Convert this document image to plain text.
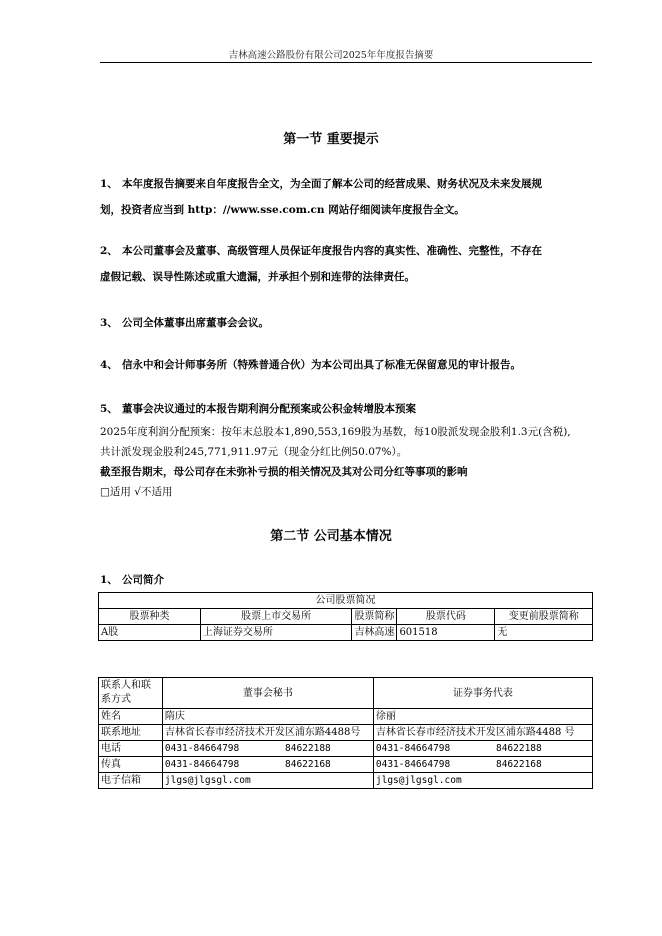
吉林高速公路股份有限公司2025年年度报告摘要
第一节 重要提示
1、 本年度报告摘要来自年度报告全文，为全面了解本公司的经营成果、财务状况及未来发展规
划，投资者应当到 http：//www.sse.com.cn 网站仔细阅读年度报告全文。
2、 本公司董事会及董事、高级管理人员保证年度报告内容的真实性、准确性、完整性，不存在
虚假记载、误导性陈述或重大遗漏，并承担个别和连带的法律责任。
3、 公司全体董事出席董事会会议。
4、 信永中和会计师事务所（特殊普通合伙）为本公司出具了标准无保留意见的审计报告。
5、 董事会决议通过的本报告期利润分配预案或公积金转增股本预案
2025年度利润分配预案：按年末总股本1,890,553,169股为基数，每10股派发现金股利1.3元(含税),
共计派发现金股利245,771,911.97元（现金分红比例50.07%）。
截至报告期末，母公司存在未弥补亏损的相关情况及其对公司分红等事项的影响
□适用 √不适用
第二节 公司基本情况
1、 公司简介
公司股票简况				
股票种类	股票上市交易所	股票简称	股票代码	变更前股票简称
A股	上海证券交易所	吉林高速	601518	无
联系人和联系方式	董事会秘书	证券事务代表
姓名	隋庆	徐丽
联系地址	吉林省长春市经济技术开发区浦东路4488号	吉林省长春市经济技术开发区浦东路4488 号
电话	0431-84664798        84622188	0431-84664798        84622188
传真	0431-84664798        84622168	0431-84664798        84622168
电子信箱	jlgs@jlgsgl.com	jlgs@jlgsgl.com
